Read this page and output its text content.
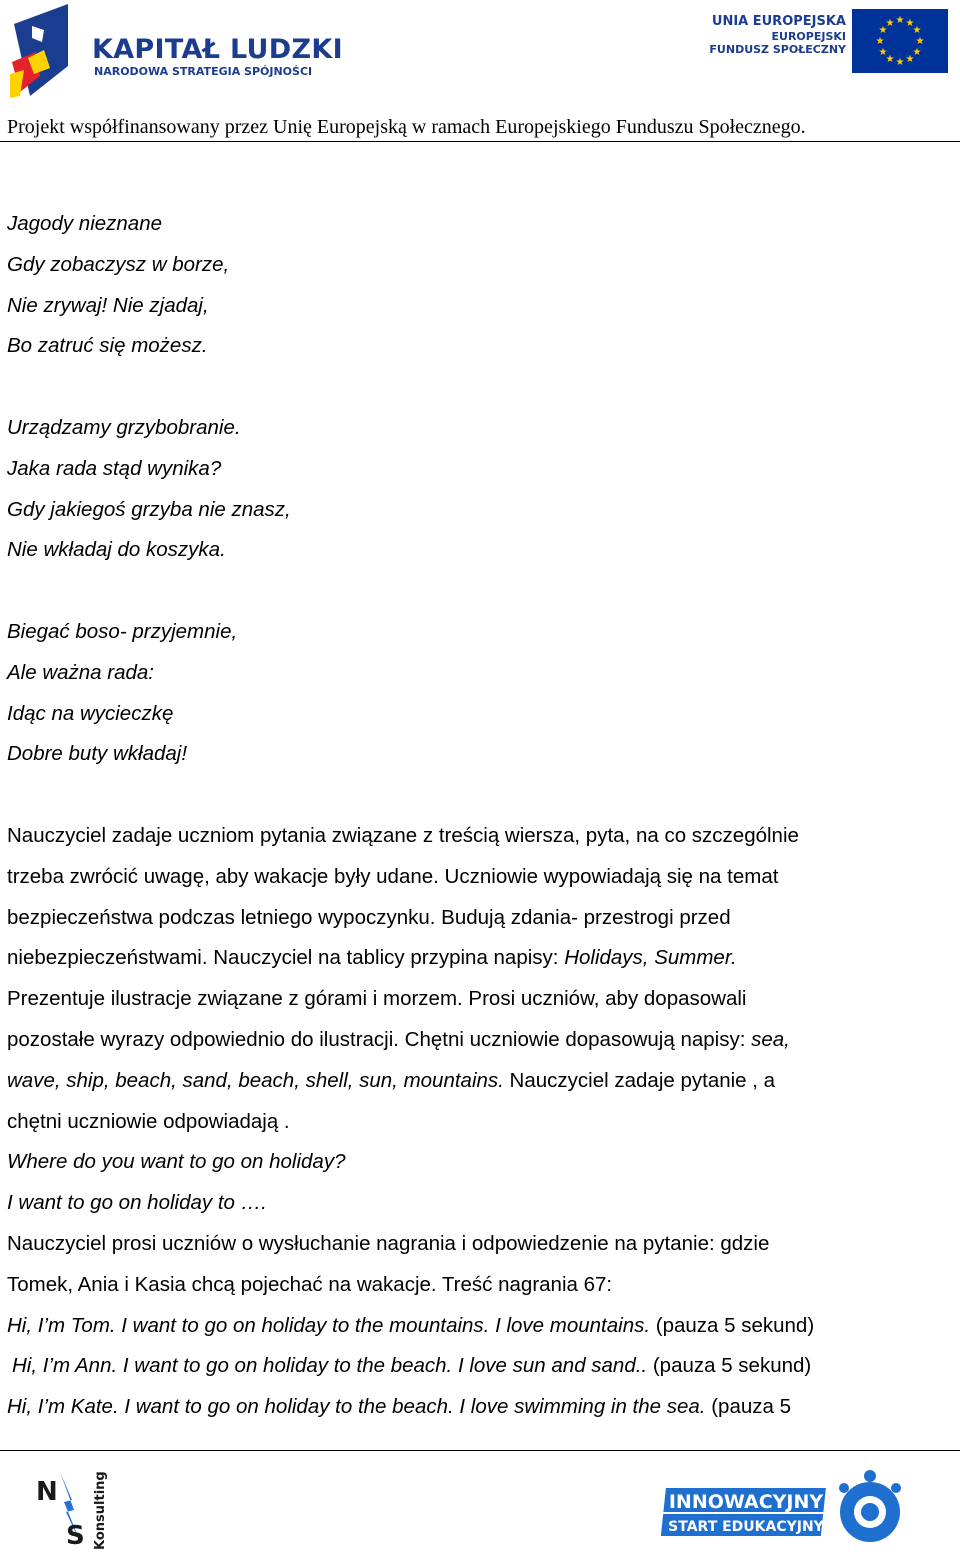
KAPITAŁ LUDZKI
NARODOWA STRATEGIA SPÓJNOŚCI
UNIA EUROPEJSKA
EUROPEJSKI
FUNDUSZ SPOŁECZNY
★ ★
★
★
★
★
★
★
★
★
★
★
Projekt współfinansowany przez Unię Europejską w ramach Europejskiego Funduszu Społecznego.
Jagody nieznane
Gdy zobaczysz w borze,
Nie zrywaj! Nie zjadaj,
Bo zatruć się możesz.
Urządzamy grzybobranie.
Jaka rada stąd wynika?
Gdy jakiegoś grzyba nie znasz,
Nie wkładaj do koszyka.
Biegać boso- przyjemnie,
Ale ważna rada:
Idąc na wycieczkę
Dobre buty wkładaj!
Nauczyciel zadaje uczniom pytania związane z treścią wiersza, pyta, na co szczególnie
trzeba zwrócić uwagę, aby wakacje były udane. Uczniowie wypowiadają się na temat
bezpieczeństwa podczas letniego wypoczynku. Budują zdania- przestrogi przed
niebezpieczeństwami. Nauczyciel na tablicy przypina napisy: Holidays, Summer.
Prezentuje ilustracje związane z górami i morzem. Prosi uczniów, aby dopasowali
pozostałe wyrazy odpowiednio do ilustracji. Chętni uczniowie dopasowują napisy: sea,
wave, ship, beach, sand, beach, shell, sun, mountains. Nauczyciel zadaje pytanie , a
chętni uczniowie odpowiadają .
Where do you want to go on holiday?
I want to go on holiday to ….
Nauczyciel prosi uczniów o wysłuchanie nagrania i odpowiedzenie na pytanie: gdzie
Tomek, Ania i Kasia chcą pojechać na wakacje. Treść nagrania 67:
Hi, I’m Tom. I want to go on holiday to the mountains. I love mountains. (pauza 5 sekund)
Hi, I’m Ann. I want to go on holiday to the beach. I love sun and sand.. (pauza 5 sekund)
Hi, I’m Kate. I want to go on holiday to the beach. I love swimming in the sea. (pauza 5
N
S Konsulting	INNOWACYJNY
START EDUKACYJNY
